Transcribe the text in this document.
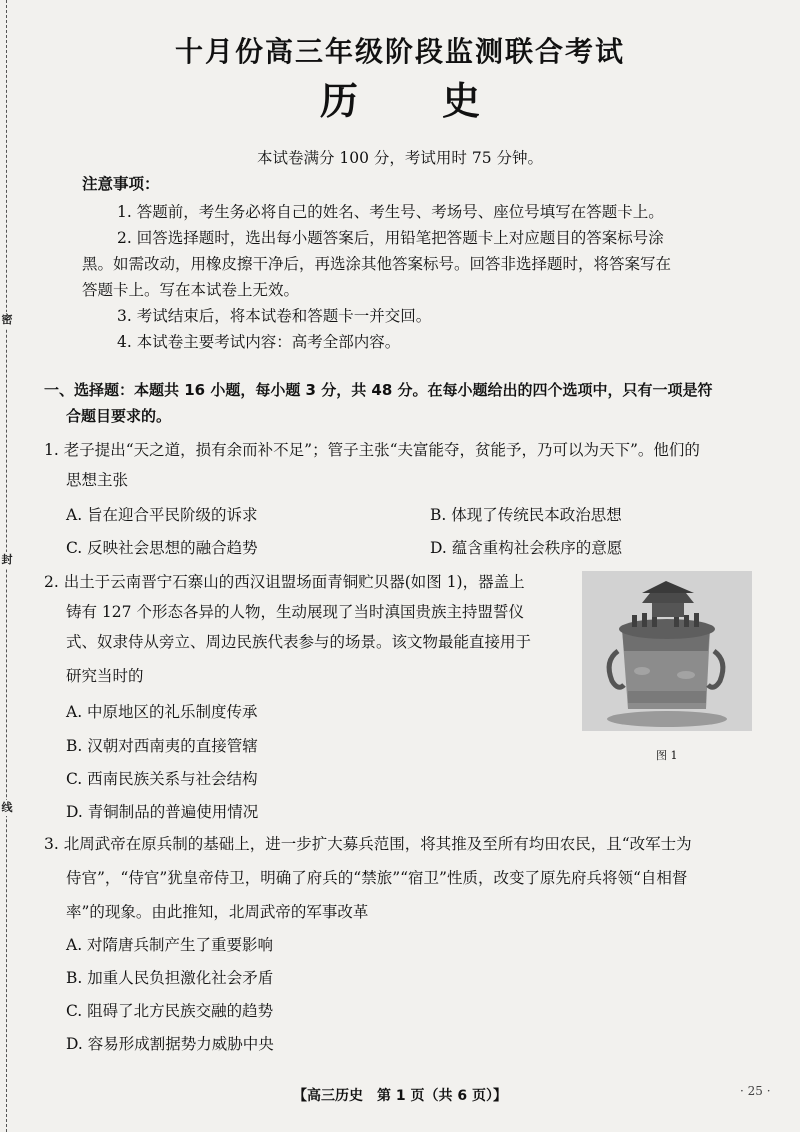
密
封
线
十月份高三年级阶段监测联合考试
历 史
本试卷满分 100 分，考试用时 75 分钟。
注意事项：
1. 答题前，考生务必将自己的姓名、考生号、考场号、座位号填写在答题卡上。
2. 回答选择题时，选出每小题答案后，用铅笔把答题卡上对应题目的答案标号涂
黑。如需改动，用橡皮擦干净后，再选涂其他答案标号。回答非选择题时，将答案写在
答题卡上。写在本试卷上无效。
3. 考试结束后，将本试卷和答题卡一并交回。
4. 本试卷主要考试内容：高考全部内容。
一、选择题：本题共 16 小题，每小题 3 分，共 48 分。在每小题给出的四个选项中，只有一项是符
合题目要求的。
1. 老子提出“天之道，损有余而补不足”；管子主张“夫富能夺，贫能予，乃可以为天下”。他们的
思想主张
A. 旨在迎合平民阶级的诉求	B. 体现了传统民本政治思想
C. 反映社会思想的融合趋势	D. 蕴含重构社会秩序的意愿
2. 出土于云南晋宁石寨山的西汉诅盟场面青铜贮贝器(如图 1)，器盖上
铸有 127 个形态各异的人物，生动展现了当时滇国贵族主持盟誓仪
式、奴隶侍从旁立、周边民族代表参与的场景。该文物最能直接用于
研究当时的
A. 中原地区的礼乐制度传承
B. 汉朝对西南夷的直接管辖
C. 西南民族关系与社会结构
D. 青铜制品的普遍使用情况
图 1
3. 北周武帝在原兵制的基础上，进一步扩大募兵范围，将其推及至所有均田农民，且“改军士为
侍官”，“侍官”犹皇帝侍卫，明确了府兵的“禁旅”“宿卫”性质，改变了原先府兵将领“自相督
率”的现象。由此推知，北周武帝的军事改革
A. 对隋唐兵制产生了重要影响
B. 加重人民负担激化社会矛盾
C. 阻碍了北方民族交融的趋势
D. 容易形成割据势力威胁中央
【高三历史　第 1 页（共 6 页）】	· 25 ·
